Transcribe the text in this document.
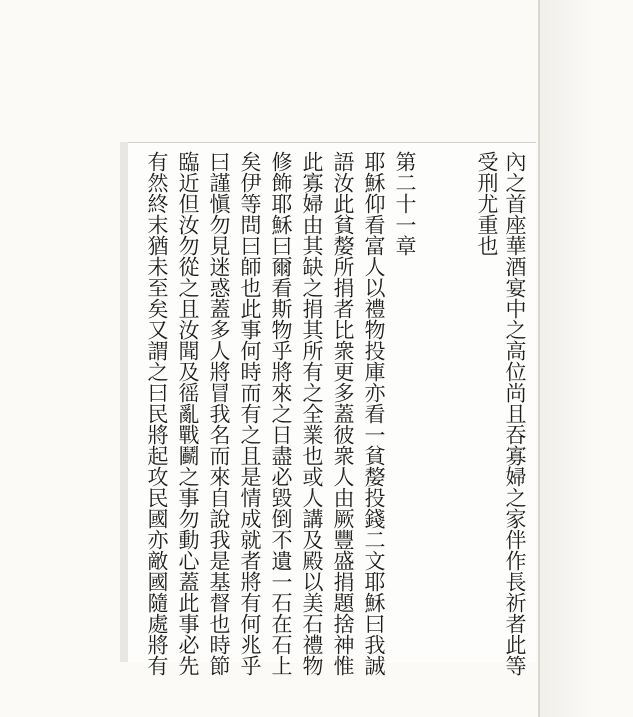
內之首座華酒宴中之高位尚且吞寡婦之家伴作長祈者此等
受刑尤重也
第二十一章
耶穌仰看富人以禮物投庫亦看一貧嫠投錢二文耶穌曰我誠
語汝此貧嫠所捐者比衆更多蓋彼衆人由厥豐盛捐題捨神惟
此寡婦由其缺之捐其所有之全業也或人講及殿以美石禮物
修飾耶穌曰爾看斯物乎將來之日盡必毀倒不遺一石在石上
矣伊等問曰師也此事何時而有之且是情成就者將有何兆乎
曰謹愼勿見迷惑蓋多人將冒我名而來自說我是基督也時節
臨近但汝勿從之且汝聞及徭亂戰鬬之事勿動心蓋此事必先
有然終末猶未至矣又謂之曰民將起攻民國亦敵國隨處將有
